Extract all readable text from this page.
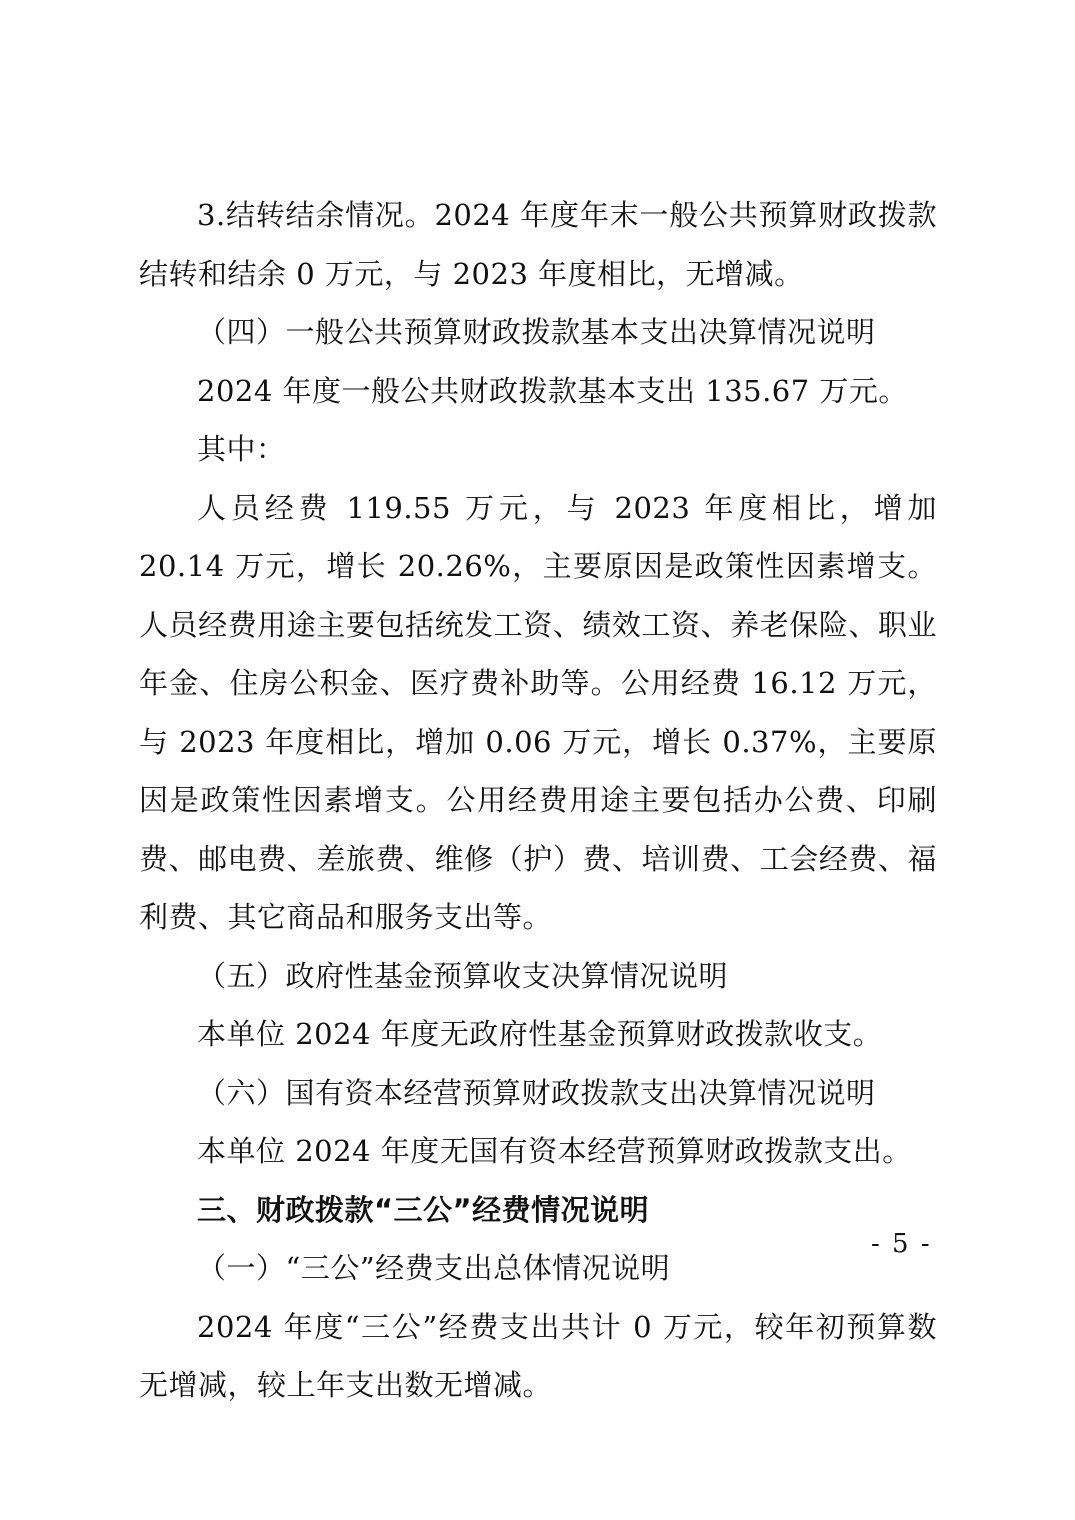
3.结转结余情况。2024 年度年末一般公共预算财政拨款结转和结余 0 万元，与 2023 年度相比，无增减。

（四）一般公共预算财政拨款基本支出决算情况说明

2024 年度一般公共财政拨款基本支出 135.67 万元。

其中：

人员经费 119.55 万元，与 2023 年度相比，增加 20.14 万元，增长 20.26%，主要原因是政策性因素增支。人员经费用途主要包括统发工资、绩效工资、养老保险、职业年金、住房公积金、医疗费补助等。公用经费 16.12 万元，与 2023 年度相比，增加 0.06 万元，增长 0.37%，主要原因是政策性因素增支。公用经费用途主要包括办公费、印刷费、邮电费、差旅费、维修（护）费、培训费、工会经费、福利费、其它商品和服务支出等。

（五）政府性基金预算收支决算情况说明

本单位 2024 年度无政府性基金预算财政拨款收支。

（六）国有资本经营预算财政拨款支出决算情况说明

本单位 2024 年度无国有资本经营预算财政拨款支出。

三、财政拨款“三公”经费情况说明

（一）“三公”经费支出总体情况说明

2024 年度“三公”经费支出共计 0 万元，较年初预算数无增减，较上年支出数无增减。

- 5 -
